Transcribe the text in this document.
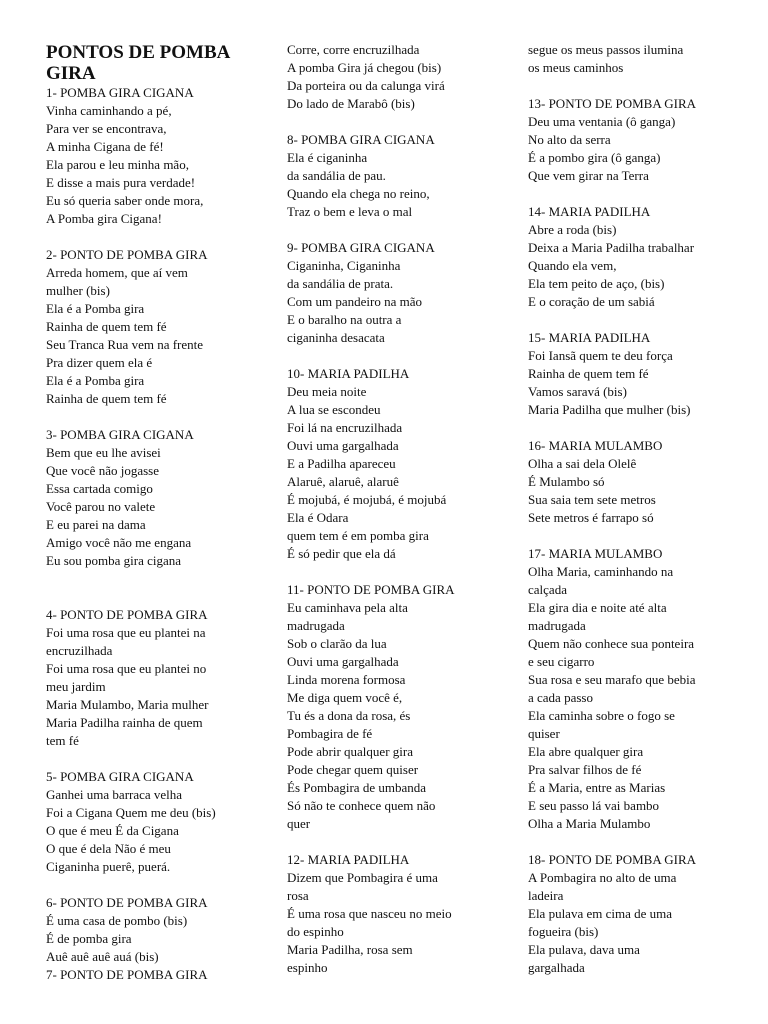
PONTOS DE POMBA
GIRA
1- POMBA GIRA CIGANA
Vinha caminhando a pé,
Para ver se encontrava,
A minha Cigana de fé!
Ela parou e leu minha mão,
E disse a mais pura verdade!
Eu só queria saber onde mora,
A Pomba gira Cigana!
2- PONTO DE POMBA GIRA
Arreda homem, que aí vem
mulher (bis)
Ela é a Pomba gira
Rainha de quem tem fé
Seu Tranca Rua vem na frente
Pra dizer quem ela é
Ela é a Pomba gira
Rainha de quem tem fé
3- POMBA GIRA CIGANA
Bem que eu lhe avisei
Que você não jogasse
Essa cartada comigo
Você parou no valete
E eu parei na dama
Amigo você não me engana
Eu sou pomba gira cigana
4- PONTO DE POMBA GIRA
Foi uma rosa que eu plantei na
encruzilhada
Foi uma rosa que eu plantei no
meu jardim
Maria Mulambo, Maria mulher
Maria Padilha rainha de quem
tem fé
5- POMBA GIRA CIGANA
Ganhei uma barraca velha
Foi a Cigana Quem me deu (bis)
O que é meu É da Cigana
O que é dela Não é meu
Ciganinha puerê, puerá.
6- PONTO DE POMBA GIRA
É uma casa de pombo (bis)
É de pomba gira
Auê auê auê auá (bis)
7- PONTO DE POMBA GIRA
Corre, corre encruzilhada
A pomba Gira já chegou (bis)
Da porteira ou da calunga virá
Do lado de Marabô (bis)
8- POMBA GIRA CIGANA
Ela é ciganinha
da sandália de pau.
Quando ela chega no reino,
Traz o bem e leva o mal
9- POMBA GIRA CIGANA
Ciganinha, Ciganinha
da sandália de prata.
Com um pandeiro na mão
E o baralho na outra a
ciganinha desacata
10- MARIA PADILHA
Deu meia noite
A lua se escondeu
Foi lá na encruzilhada
Ouvi uma gargalhada
E a Padilha apareceu
Alaruê, alaruê, alaruê
É mojubá, é mojubá, é mojubá
Ela é Odara
quem tem é em pomba gira
É só pedir que ela dá
11- PONTO DE POMBA GIRA
Eu caminhava pela alta
madrugada
Sob o clarão da lua
Ouvi uma gargalhada
Linda morena formosa
Me diga quem você é,
Tu és a dona da rosa, és
Pombagira de fé
Pode abrir qualquer gira
Pode chegar quem quiser
És Pombagira de umbanda
Só não te conhece quem não
quer
12- MARIA PADILHA
Dizem que Pombagira é uma
rosa
É uma rosa que nasceu no meio
do espinho
Maria Padilha, rosa sem
espinho
segue os meus passos ilumina
os meus caminhos
13- PONTO DE POMBA GIRA
Deu uma ventania (ô ganga)
No alto da serra
É a pombo gira (ô ganga)
Que vem girar na Terra
14- MARIA PADILHA
Abre a roda (bis)
Deixa a Maria Padilha trabalhar
Quando ela vem,
Ela tem peito de aço, (bis)
E o coração de um sabiá
15- MARIA PADILHA
Foi Iansã quem te deu força
Rainha de quem tem fé
Vamos saravá (bis)
Maria Padilha que mulher (bis)
16- MARIA MULAMBO
Olha a sai dela Olelê
É Mulambo só
Sua saia tem sete metros
Sete metros é farrapo só
17- MARIA MULAMBO
Olha Maria, caminhando na
calçada
Ela gira dia e noite até alta
madrugada
Quem não conhece sua ponteira
e seu cigarro
Sua rosa e seu marafo que bebia
a cada passo
Ela caminha sobre o fogo se
quiser
Ela abre qualquer gira
Pra salvar filhos de fé
É a Maria, entre as Marias
E seu passo lá vai bambo
Olha a Maria Mulambo
18- PONTO DE POMBA GIRA
A Pombagira no alto de uma
ladeira
Ela pulava em cima de uma
fogueira (bis)
Ela pulava, dava uma
gargalhada
